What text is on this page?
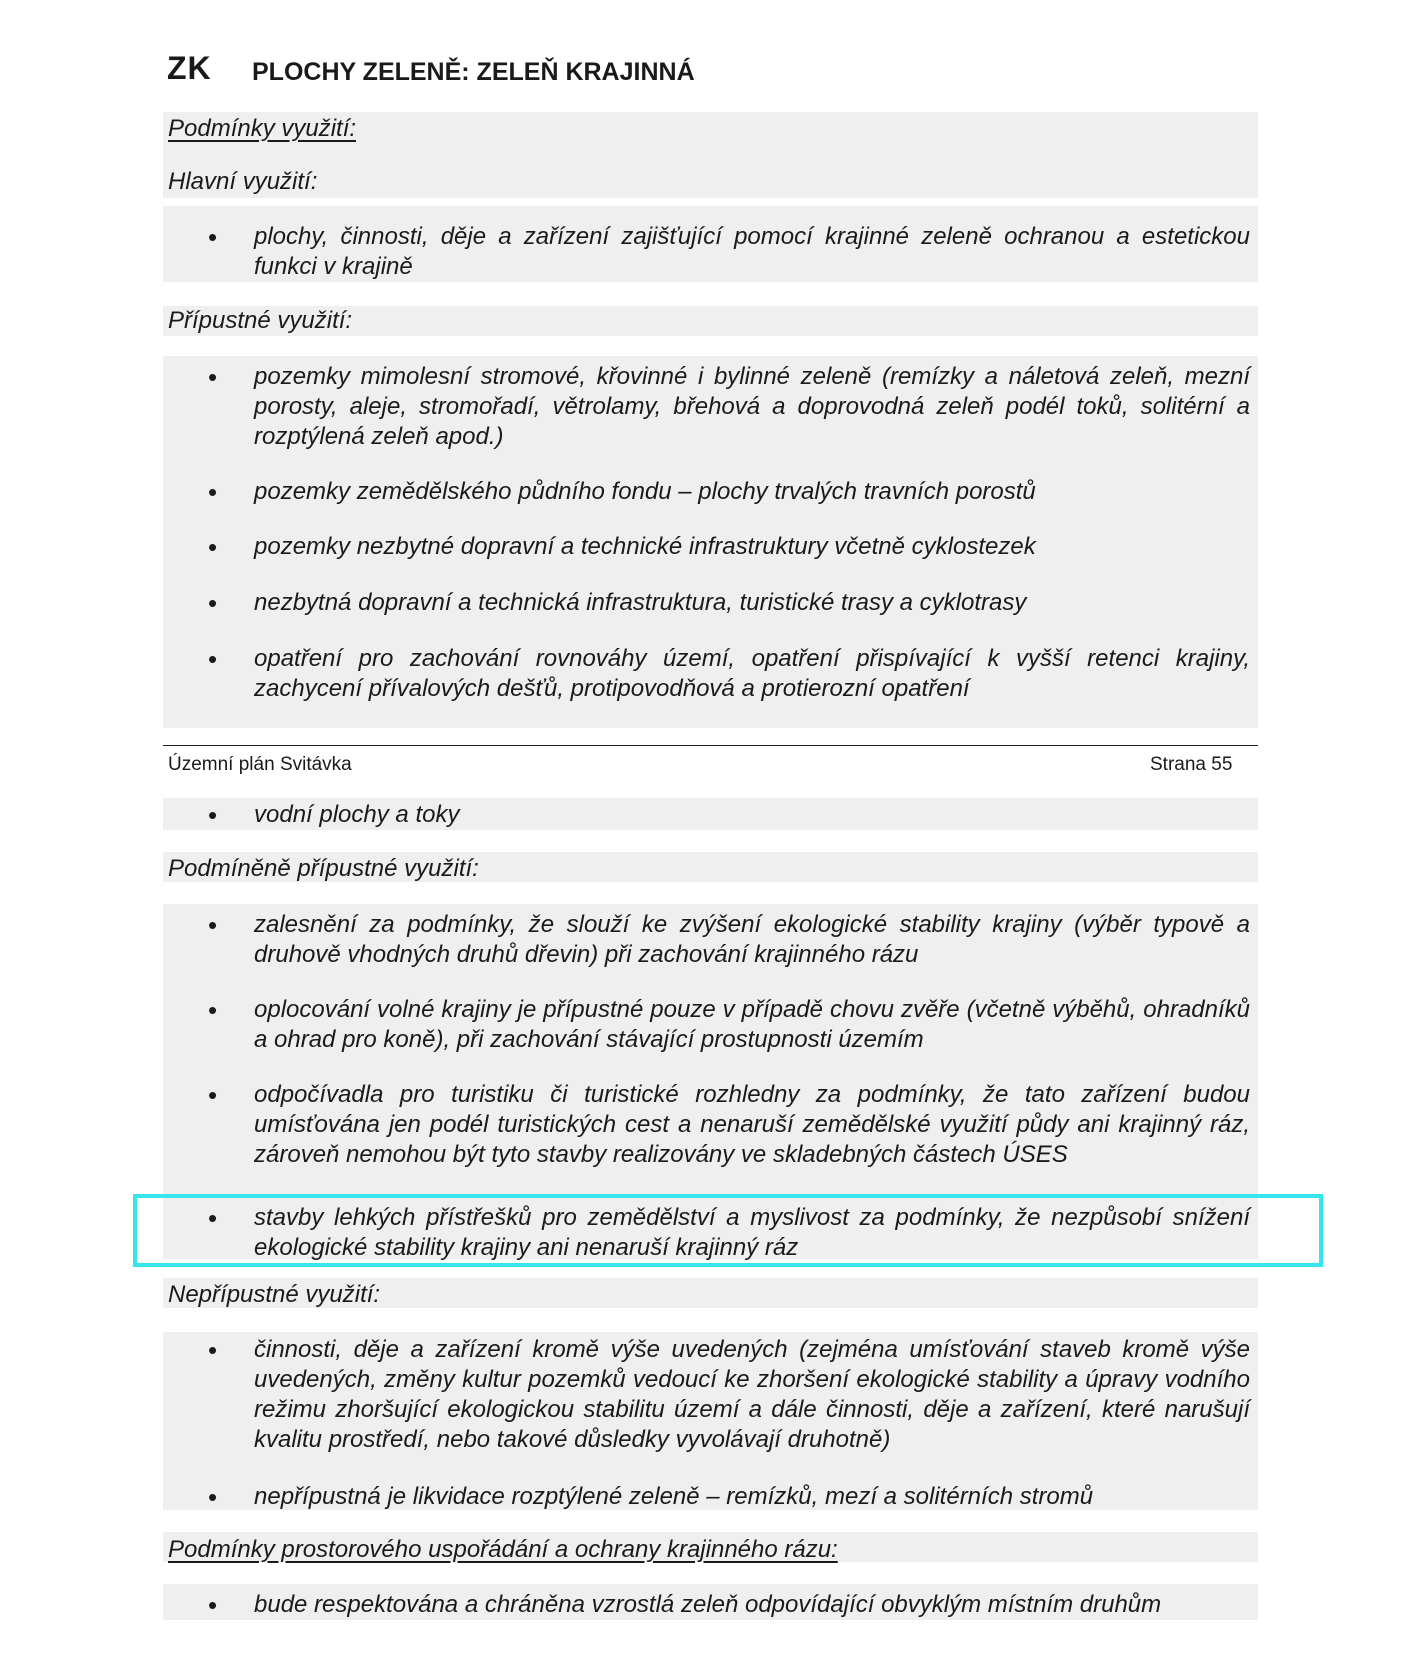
ZK PLOCHY ZELENĚ: ZELEŇ KRAJINNÁ
Podmínky využití:
Hlavní využití:
• plochy, činnosti, děje a zařízení zajišťující pomocí krajinné zeleně ochranou a estetickou funkci v krajině
Přípustné využití:
• pozemky mimolesní stromové, křovinné i bylinné zeleně (remízky a náletová zeleň, mezní porosty, aleje, stromořadí, větrolamy, břehová a doprovodná zeleň podél toků, solitérní a rozptýlená zeleň apod.)
• pozemky zemědělského půdního fondu – plochy trvalých travních porostů
• pozemky nezbytné dopravní a technické infrastruktury včetně cyklostezek
• nezbytná dopravní a technická infrastruktura, turistické trasy a cyklotrasy
• opatření pro zachování rovnováhy území, opatření přispívající k vyšší retenci krajiny, zachycení přívalových dešťů, protipovodňová a protierozní opatření
Územní plán Svitávka	Strana 55
• vodní plochy a toky
Podmíněně přípustné využití:
• zalesnění za podmínky, že slouží ke zvýšení ekologické stability krajiny (výběr typově a druhově vhodných druhů dřevin) při zachování krajinného rázu
• oplocování volné krajiny je přípustné pouze v případě chovu zvěře (včetně výběhů, ohradníků a ohrad pro koně), při zachování stávající prostupnosti územím
• odpočívadla pro turistiku či turistické rozhledny za podmínky, že tato zařízení budou umísťována jen podél turistických cest a nenaruší zemědělské využití půdy ani krajinný ráz, zároveň nemohou být tyto stavby realizovány ve skladebných částech ÚSES
• stavby lehkých přístřešků pro zemědělství a myslivost za podmínky, že nezpůsobí snížení ekologické stability krajiny ani nenaruší krajinný ráz
Nepřípustné využití:
• činnosti, děje a zařízení kromě výše uvedených (zejména umísťování staveb kromě výše uvedených, změny kultur pozemků vedoucí ke zhoršení ekologické stability a úpravy vodního režimu zhoršující ekologickou stabilitu území a dále činnosti, děje a zařízení, které narušují kvalitu prostředí, nebo takové důsledky vyvolávají druhotně)
• nepřípustná je likvidace rozptýlené zeleně – remízků, mezí a solitérních stromů
Podmínky prostorového uspořádání a ochrany krajinného rázu:
• bude respektována a chráněna vzrostlá zeleň odpovídající obvyklým místním druhům
